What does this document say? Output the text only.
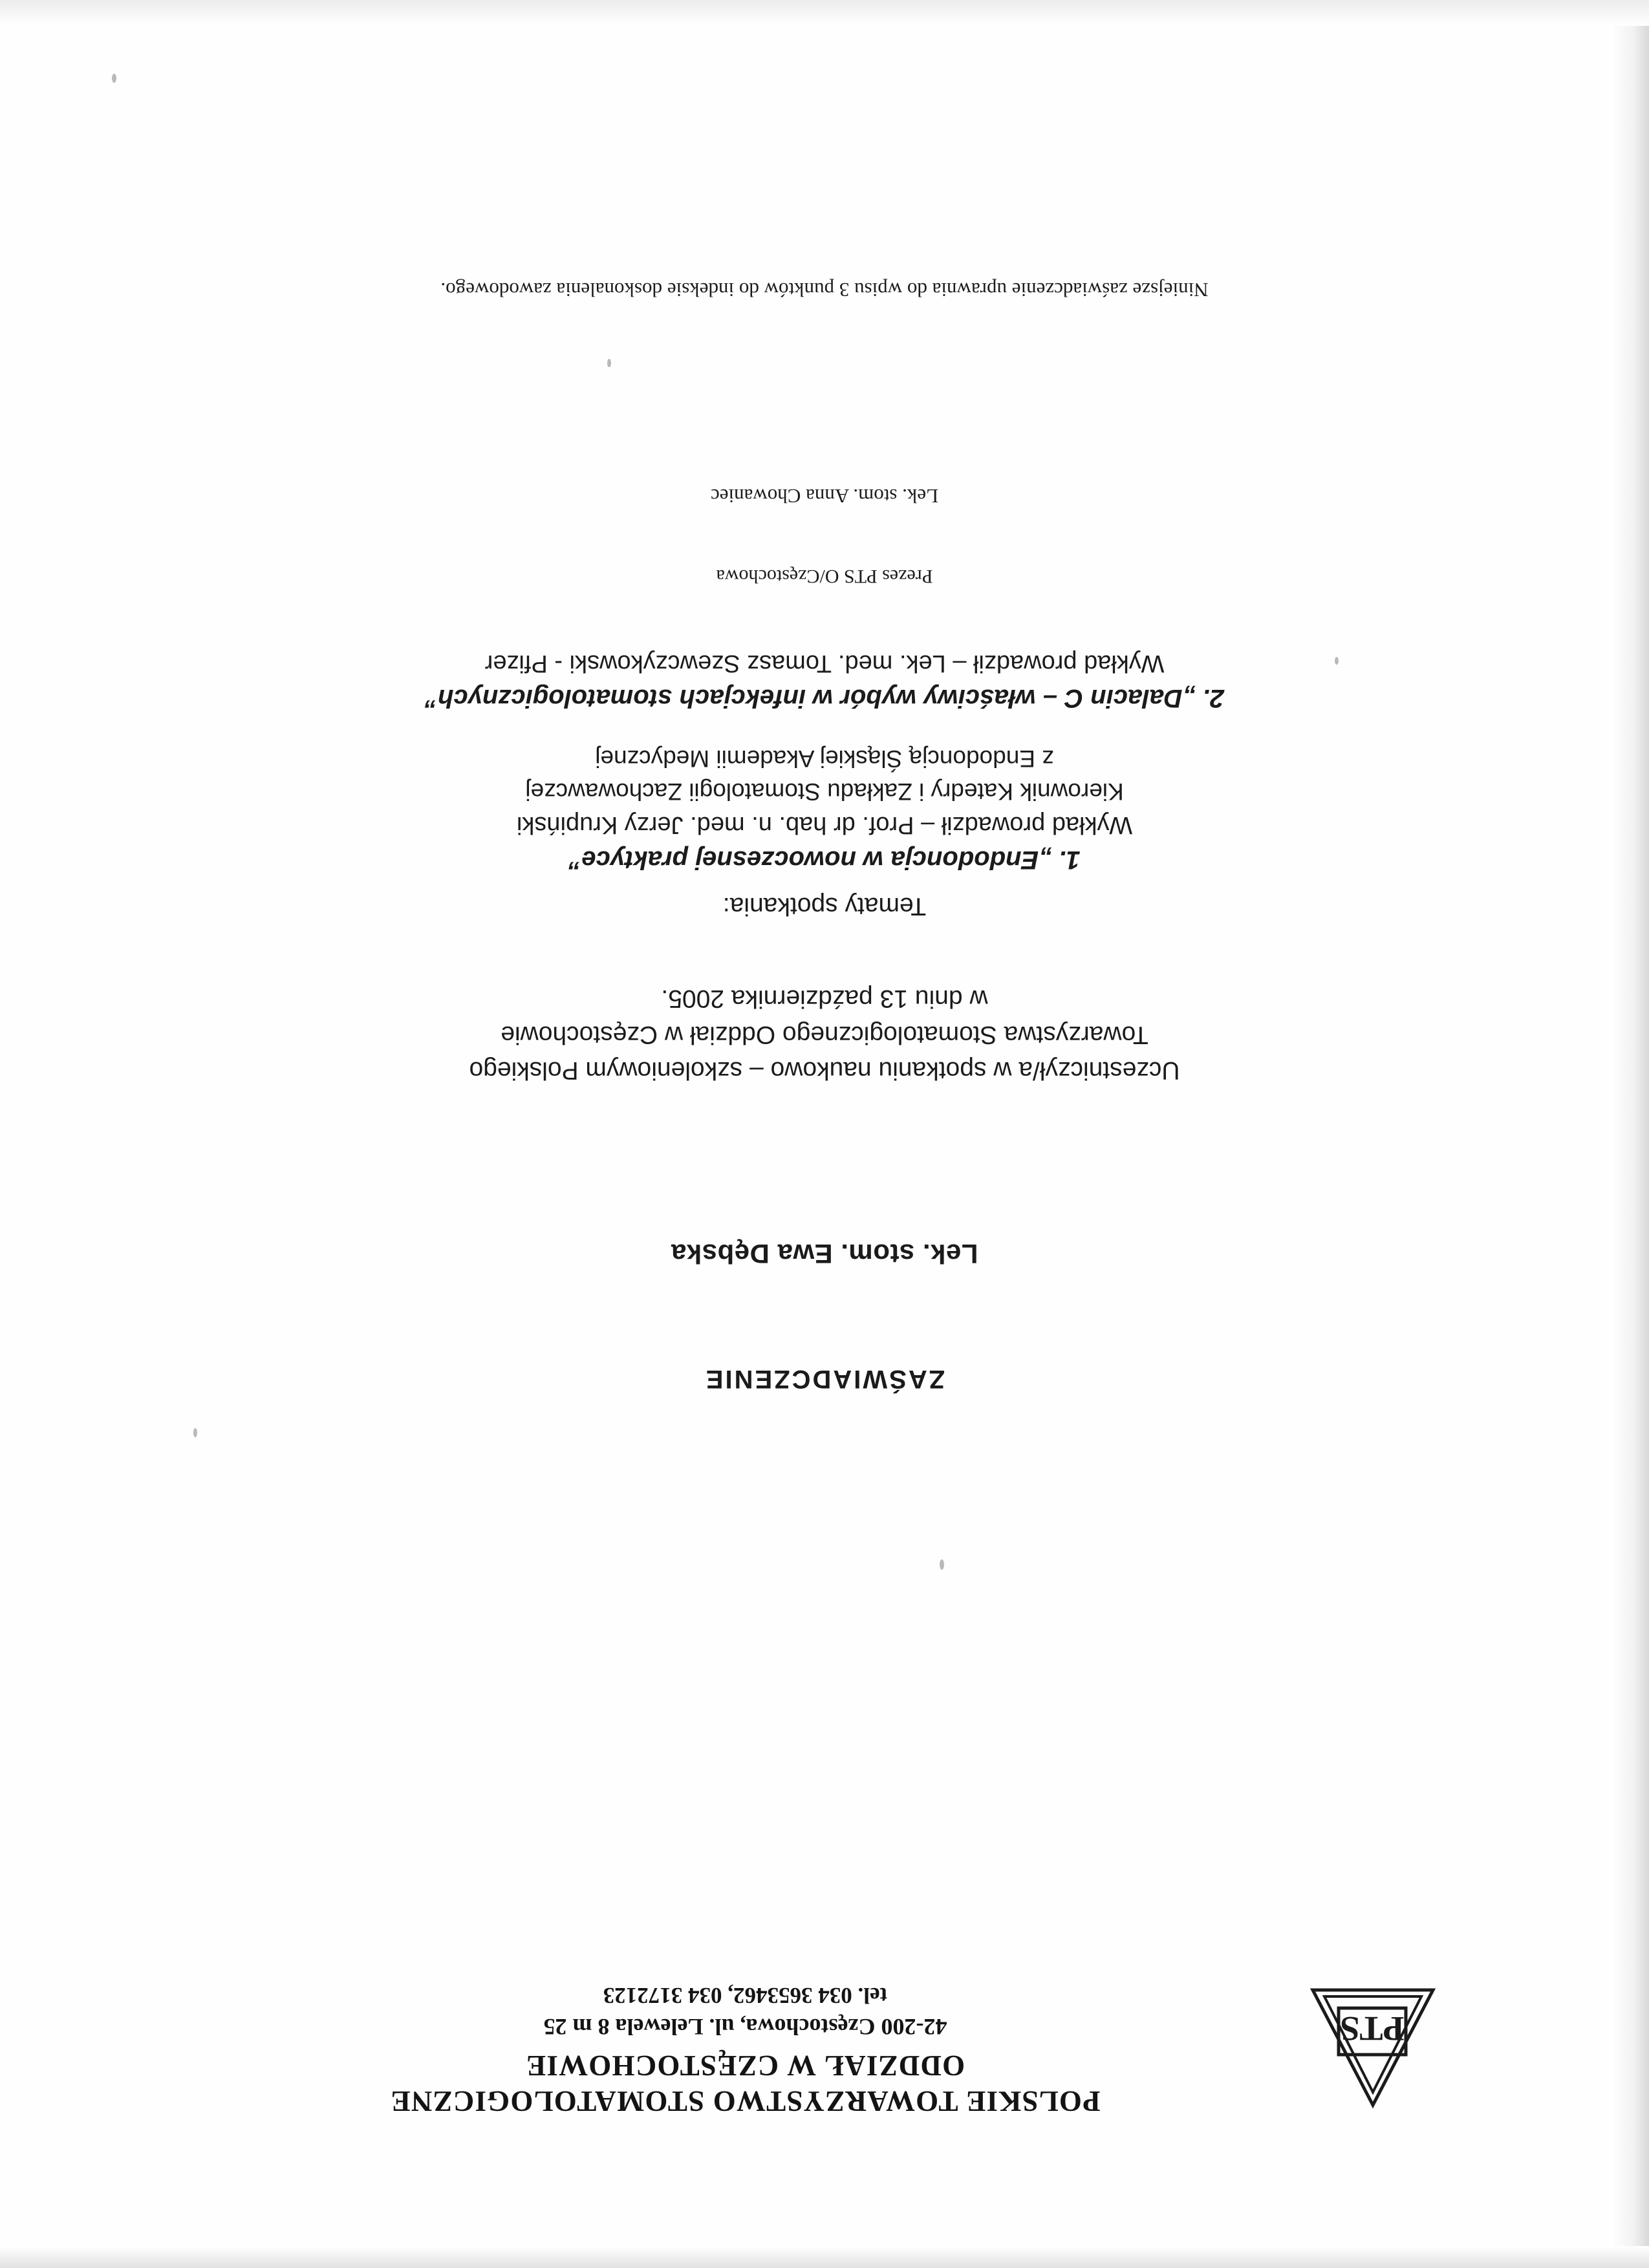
PTS
POLSKIE TOWARZYSTWO STOMATOLOGICZNE
ODDZIAŁ W CZĘSTOCHOWIE
42-200 Częstochowa, ul. Lelewela 8 m 25
tel. 034 3653462, 034 3172123
ZAŚWIADCZENIE
Lek. stom. Ewa Dębska
Uczestniczył/a w spotkaniu naukowo – szkoleniowym Polskiego
Towarzystwa Stomatologicznego Oddział w Częstochowie
w dniu 13 października 2005.
Tematy spotkania:
1. „Endodoncja w nowoczesnej praktyce”
Wykład prowadził – Prof. dr hab. n. med. Jerzy Krupiński
Kierownik Katedry i Zakładu Stomatologii Zachowawczej
z Endodoncją Śląskiej Akademii Medycznej
2. „Dalacin C – właściwy wybór w infekcjach stomatologicznych”
Wykład prowadził – Lek. med. Tomasz Szewczykowski - Pfizer
Prezes PTS O/Częstochowa
Lek. stom. Anna Chowaniec
Niniejsze zaświadczenie uprawnia do wpisu 3 punktów do indeksie doskonalenia zawodowego.
